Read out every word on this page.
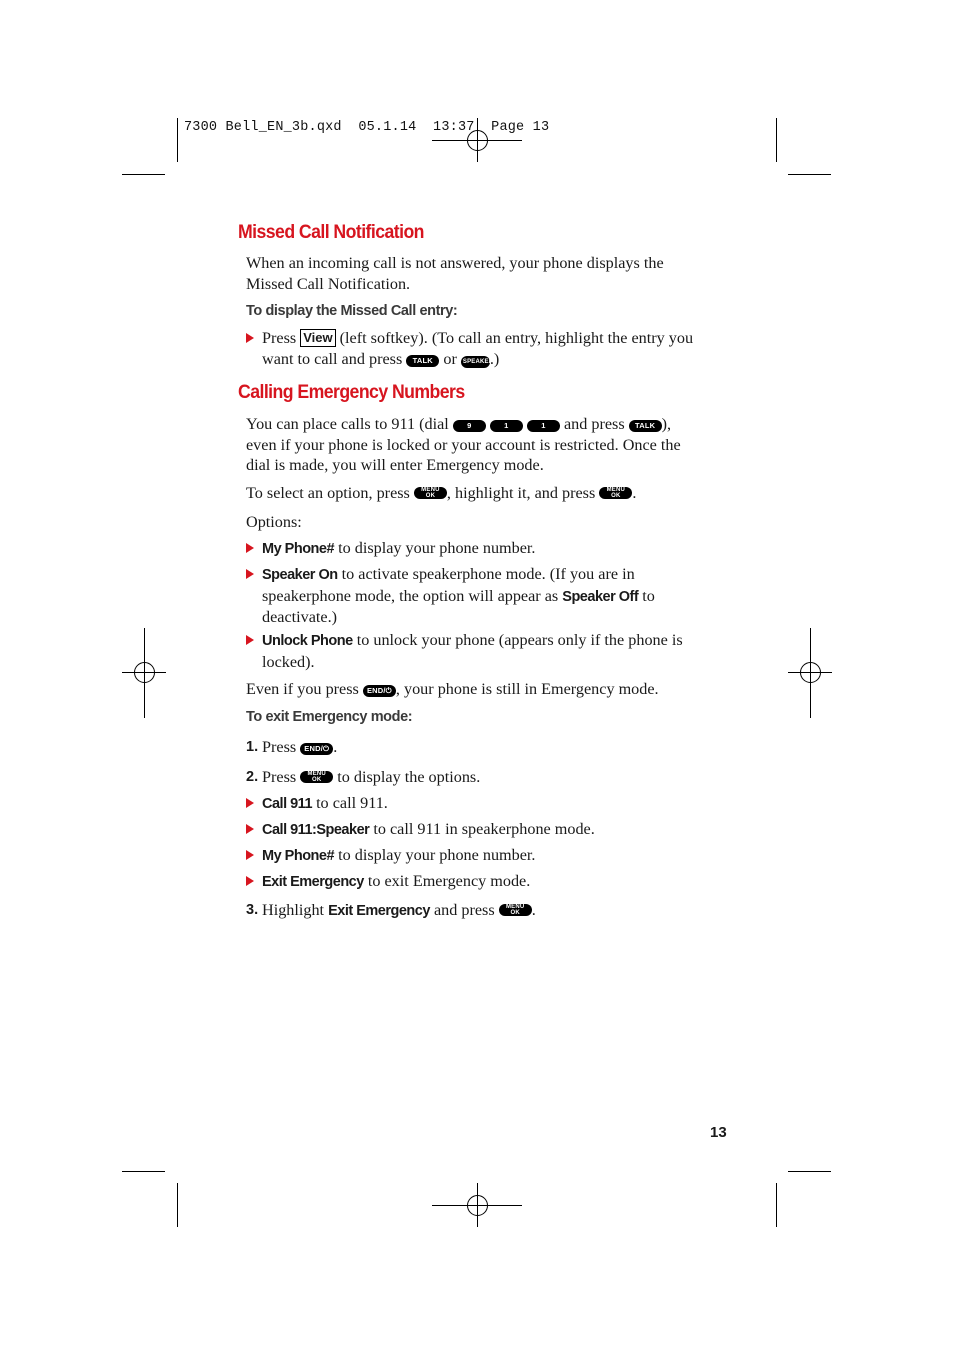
7300 Bell_EN_3b.qxd  05.1.14  13:37  Page 13
Missed Call Notification
When an incoming call is not answered, your phone displays the Missed Call Notification.
To display the Missed Call entry:
Press View (left softkey). (To call an entry, highlight the entry you want to call and press TALK or SPEAKER.)
Calling Emergency Numbers
You can place calls to 911 (dial 9	1	1 and press TALK ), even if your phone is locked or your account is restricted. Once the dial is made, you will enter Emergency mode.
To select an option, press	MENU
OK , highlight it, and press	MENU
OK .
Options:
My Phone# to display your phone number.
Speaker On to activate speakerphone mode. (If you are in speakerphone mode, the option will appear as Speaker Off to deactivate.)
Unlock Phone to unlock your phone (appears only if the phone is locked).
Even if you press END/⏻ , your phone is still in Emergency mode.
To exit Emergency mode:
1. Press END/⏻ .
2. Press	MENU
OK to display the options.
Call 911 to call 911.
Call 911:Speaker to call 911 in speakerphone mode.
My Phone# to display your phone number.
Exit Emergency to exit Emergency mode.
3. Highlight Exit Emergency and press	MENU
OK .
13
